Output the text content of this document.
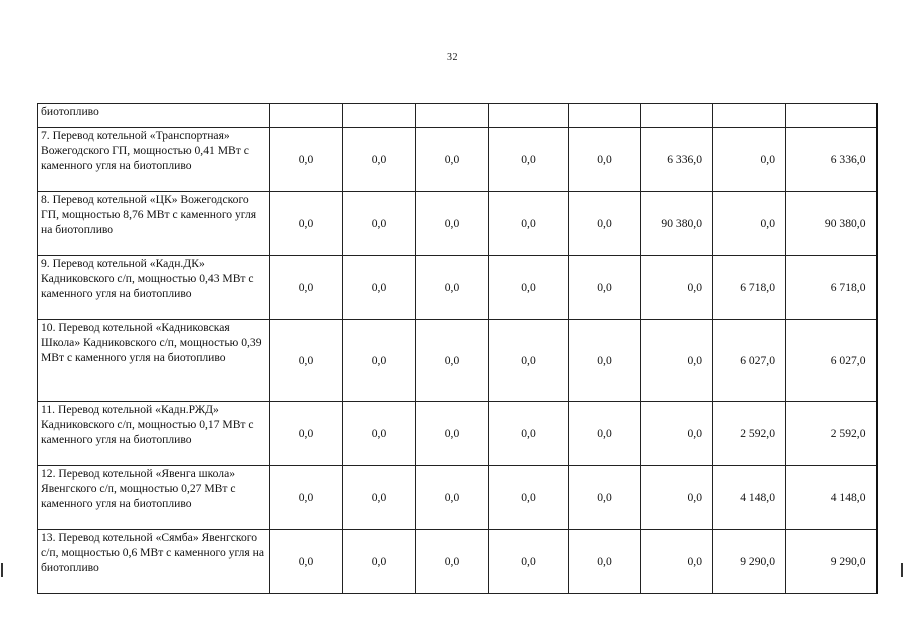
32
биотопливо								
7. Перевод котельной «Транспортная» Вожегодского ГП, мощностью 0,41 МВт с каменного угля на биотопливо	0,0	0,0	0,0	0,0	0,0	6 336,0	0,0	6 336,0
8. Перевод котельной «ЦК» Вожегодского ГП, мощностью 8,76 МВт с каменного угля на биотопливо	0,0	0,0	0,0	0,0	0,0	90 380,0	0,0	90 380,0
9. Перевод котельной «Кадн.ДК» Кадниковского с/п, мощностью 0,43 МВт с каменного угля на биотопливо	0,0	0,0	0,0	0,0	0,0	0,0	6 718,0	6 718,0
10. Перевод котельной «Кадниковская Школа» Кадниковского с/п, мощностью 0,39 МВт с каменного угля на биотопливо	0,0	0,0	0,0	0,0	0,0	0,0	6 027,0	6 027,0
11. Перевод котельной «Кадн.РЖД» Кадниковского с/п, мощностью 0,17 МВт с каменного угля на биотопливо	0,0	0,0	0,0	0,0	0,0	0,0	2 592,0	2 592,0
12. Перевод котельной «Явенга школа» Явенгского с/п, мощностью 0,27 МВт с каменного угля на биотопливо	0,0	0,0	0,0	0,0	0,0	0,0	4 148,0	4 148,0
13. Перевод котельной «Сямба» Явенгского с/п, мощностью 0,6 МВт с каменного угля на биотопливо	0,0	0,0	0,0	0,0	0,0	0,0	9 290,0	9 290,0
